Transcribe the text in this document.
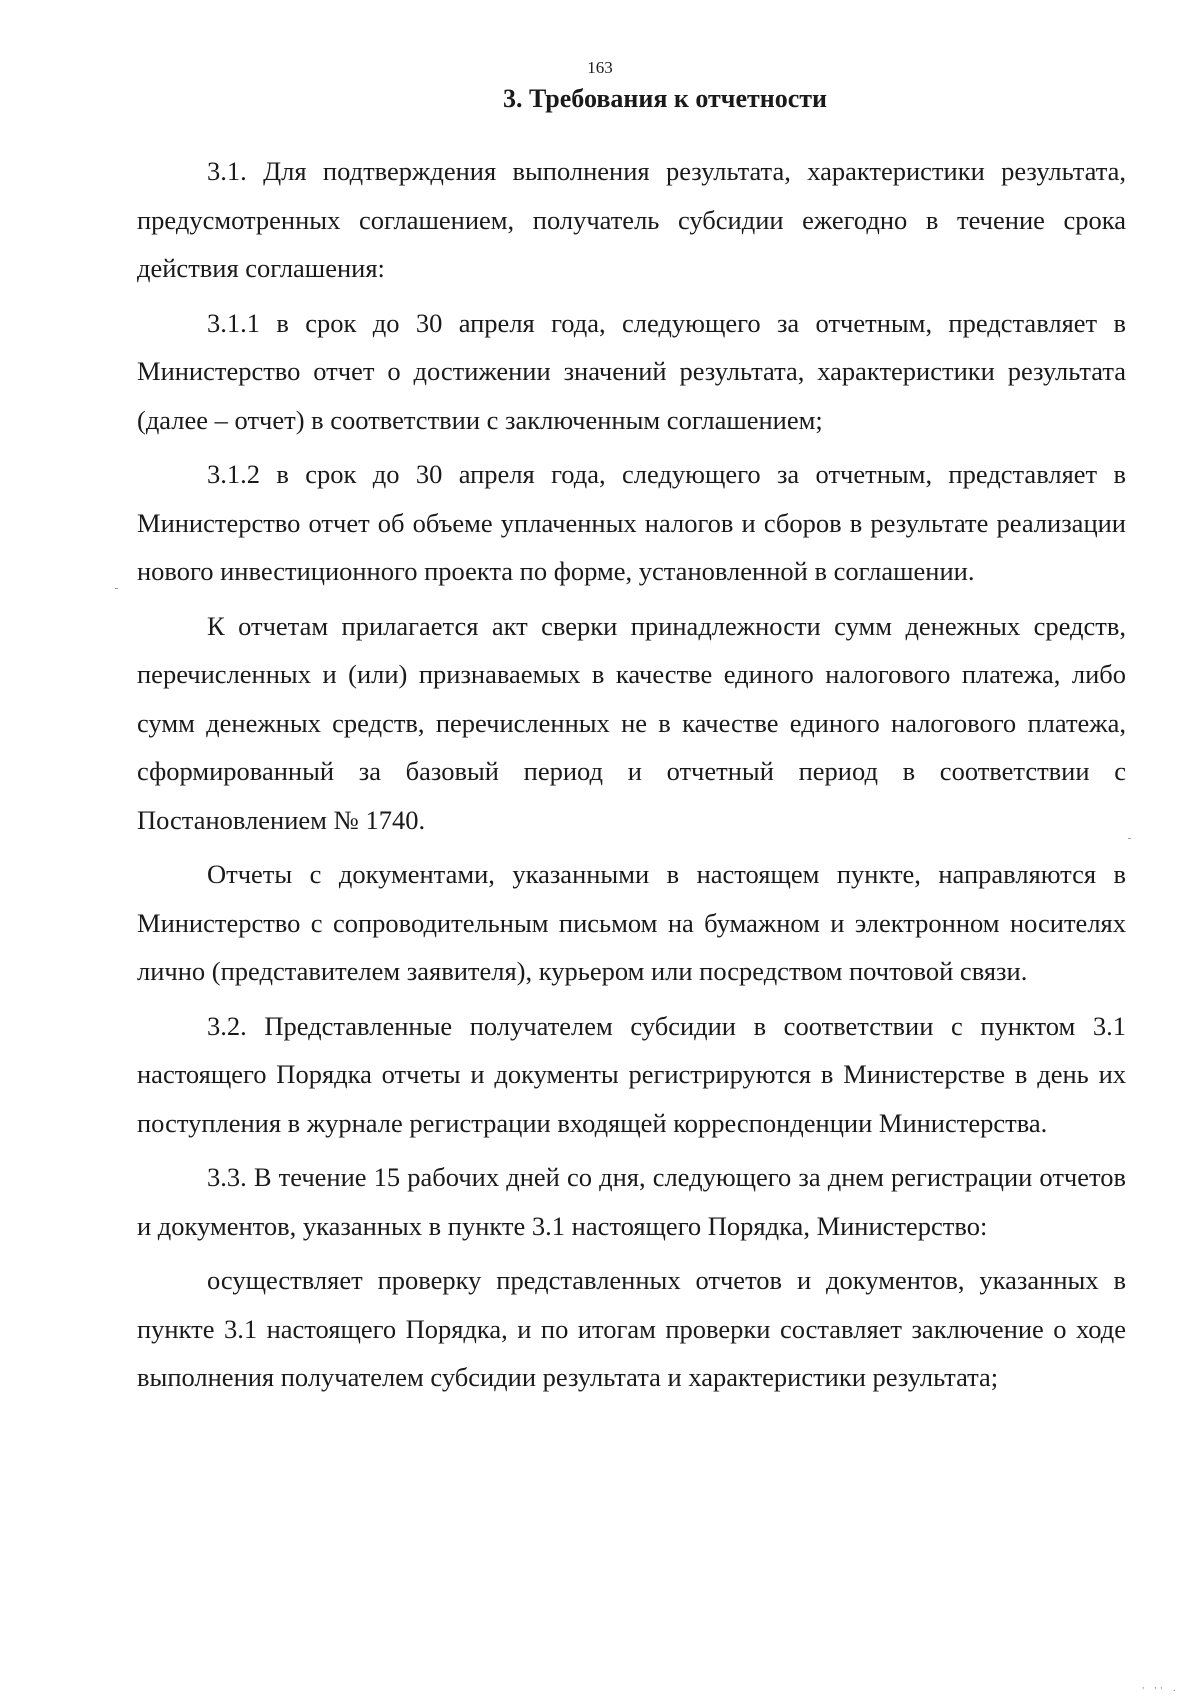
163
3. Требования к отчетности

3.1. Для подтверждения выполнения результата, характеристики результата, предусмотренных соглашением, получатель субсидии ежегодно в течение срока действия соглашения:

3.1.1 в срок до 30 апреля года, следующего за отчетным, представляет в Министерство отчет о достижении значений результата, характеристики результата (далее – отчет) в соответствии с заключенным соглашением;

3.1.2 в срок до 30 апреля года, следующего за отчетным, представляет в Министерство отчет об объеме уплаченных налогов и сборов в результате реализации нового инвестиционного проекта по форме, установленной в соглашении.

К отчетам прилагается акт сверки принадлежности сумм денежных средств, перечисленных и (или) признаваемых в качестве единого налогового платежа, либо сумм денежных средств, перечисленных не в качестве единого налогового платежа, сформированный за базовый период и отчетный период в соответствии с Постановлением № 1740.

Отчеты с документами, указанными в настоящем пункте, направляются в Министерство с сопроводительным письмом на бумажном и электронном носителях лично (представителем заявителя), курьером или посредством почтовой связи.

3.2. Представленные получателем субсидии в соответствии с пунктом 3.1 настоящего Порядка отчеты и документы регистрируются в Министерстве в день их поступления в журнале регистрации входящей корреспонденции Министерства.

3.3. В течение 15 рабочих дней со дня, следующего за днем регистрации отчетов и документов, указанных в пункте 3.1 настоящего Порядка, Министерство:

осуществляет проверку представленных отчетов и документов, указанных в пункте 3.1 настоящего Порядка, и по итогам проверки составляет заключение о ходе выполнения получателем субсидии результата и характеристики результата;

' '' ·
